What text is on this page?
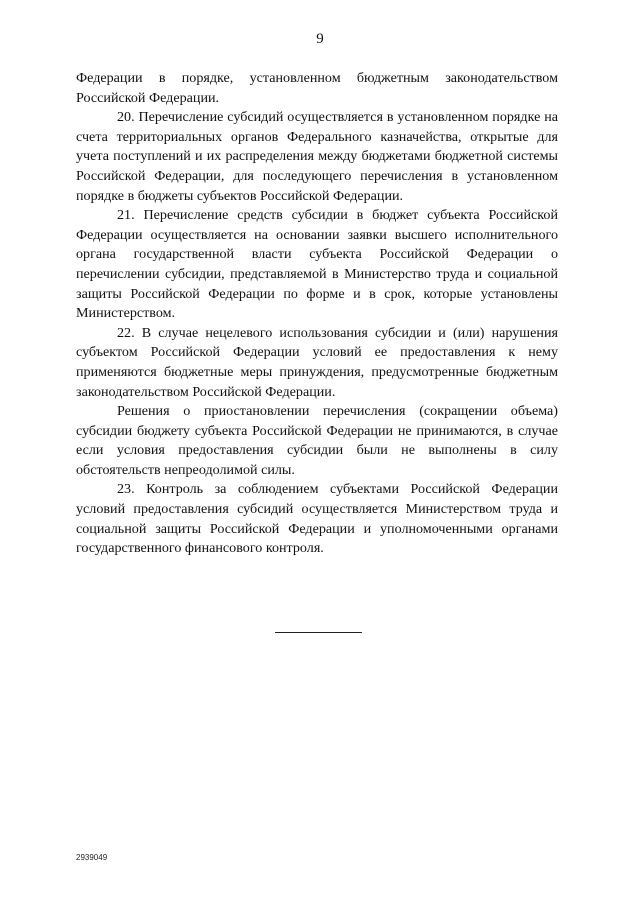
9

Федерации в порядке, установленном бюджетным законодательством Российской Федерации.

20. Перечисление субсидий осуществляется в установленном порядке на счета территориальных органов Федерального казначейства, открытые для учета поступлений и их распределения между бюджетами бюджетной системы Российской Федерации, для последующего перечисления в установленном порядке в бюджеты субъектов Российской Федерации.

21. Перечисление средств субсидии в бюджет субъекта Российской Федерации осуществляется на основании заявки высшего исполнительного органа государственной власти субъекта Российской Федерации о перечислении субсидии, представляемой в Министерство труда и социальной защиты Российской Федерации по форме и в срок, которые установлены Министерством.

22. В случае нецелевого использования субсидии и (или) нарушения субъектом Российской Федерации условий ее предоставления к нему применяются бюджетные меры принуждения, предусмотренные бюджетным законодательством Российской Федерации.

Решения о приостановлении перечисления (сокращении объема) субсидии бюджету субъекта Российской Федерации не принимаются, в случае если условия предоставления субсидии были не выполнены в силу обстоятельств непреодолимой силы.

23. Контроль за соблюдением субъектами Российской Федерации условий предоставления субсидий осуществляется Министерством труда и социальной защиты Российской Федерации и уполномоченными органами государственного финансового контроля.

2939049
